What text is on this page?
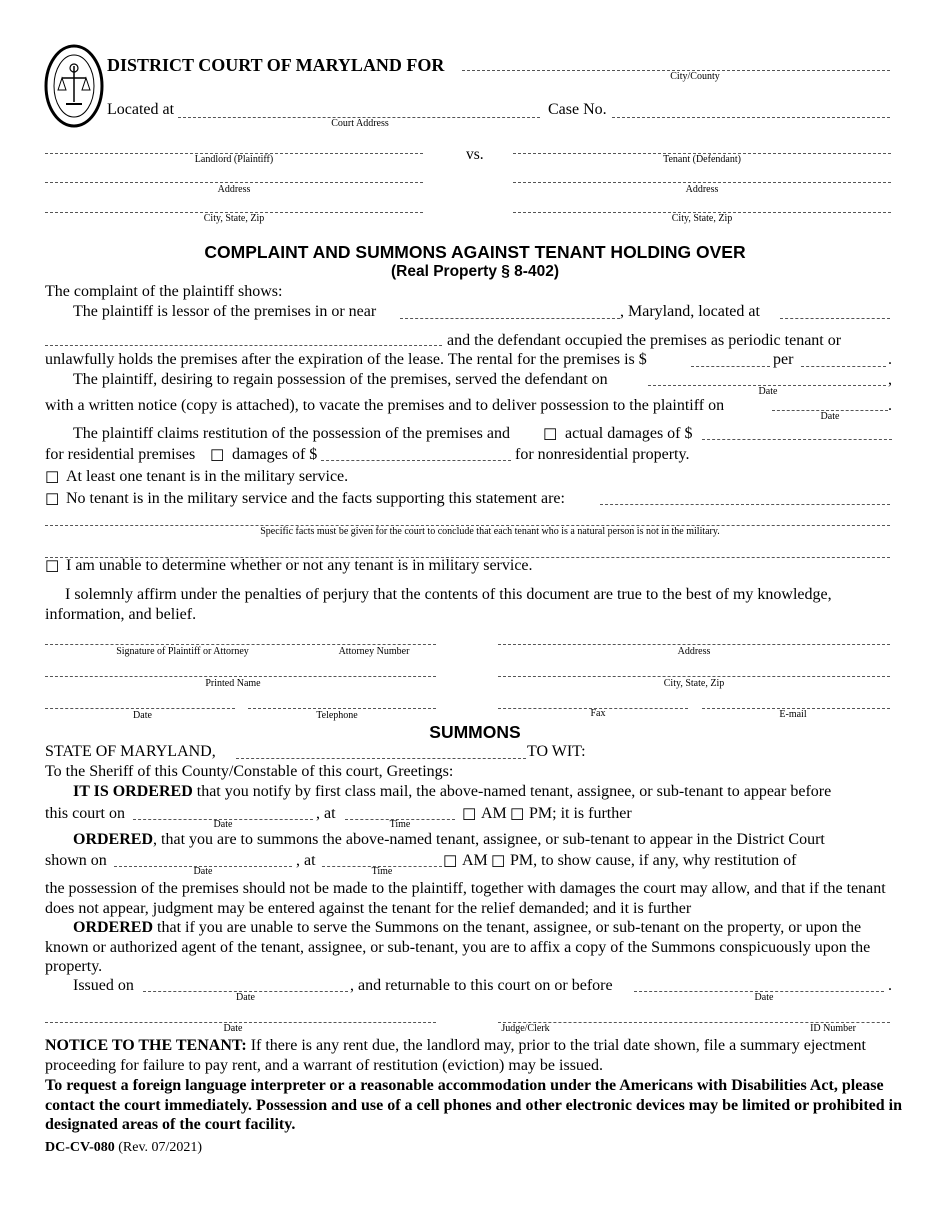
DISTRICT COURT OF MARYLAND FOR
City/County
Located at
Court Address
Case No.
Landlord (Plaintiff)	vs.	Tenant (Defendant)
Address	Address
City, State, Zip	City, State, Zip
COMPLAINT AND SUMMONS AGAINST TENANT HOLDING OVER
(Real Property § 8-402)
The complaint of the plaintiff shows:
The plaintiff is lessor of the premises in or near	, Maryland, located at
and the defendant occupied the premises as periodic tenant or
unlawfully holds the premises after the expiration of the lease. The rental for the premises is $	per	.
The plaintiff, desiring to regain possession of the premises, served the defendant on
Date
,
with a written notice (copy is attached), to vacate the premises and to deliver possession to the plaintiff on
Date
.
The plaintiff claims restitution of the possession of the premises and ☐ actual damages of $
for residential premises ☐ damages of $	for nonresidential property.
☐ At least one tenant is in the military service.
☐ No tenant is in the military service and the facts supporting this statement are:
Specific facts must be given for the court to conclude that each tenant who is a natural person is not in the military.
☐ I am unable to determine whether or not any tenant is in military service.
I solemnly affirm under the penalties of perjury that the contents of this document are true to the best of my knowledge, information, and belief.
Signature of Plaintiff or Attorney	Attorney Number	Address
Printed Name	City, State, Zip
Date	Telephone	Fax	E-mail
SUMMONS
STATE OF MARYLAND,	TO WIT:
To the Sheriff of this County/Constable of this court, Greetings:
IT IS ORDERED that you notify by first class mail, the above-named tenant, assignee, or sub-tenant to appear before
this court on
Date
, at
Time
☐ AM ☐ PM; it is further
ORDERED, that you are to summons the above-named tenant, assignee, or sub-tenant to appear in the District Court
shown on
Date
, at
Time
☐ AM ☐ PM, to show cause, if any, why restitution of
the possession of the premises should not be made to the plaintiff, together with damages the court may allow, and that if the tenant does not appear, judgment may be entered against the tenant for the relief demanded; and it is further
ORDERED that if you are unable to serve the Summons on the tenant, assignee, or sub-tenant on the property, or upon the known or authorized agent of the tenant, assignee, or sub-tenant, you are to affix a copy of the Summons conspicuously upon the property.
Issued on
Date
, and returnable to this court on or before
Date
.
Date	Judge/Clerk	ID Number
NOTICE TO THE TENANT: If there is any rent due, the landlord may, prior to the trial date shown, file a summary ejectment proceeding for failure to pay rent, and a warrant of restitution (eviction) may be issued.
To request a foreign language interpreter or a reasonable accommodation under the Americans with Disabilities Act, please contact the court immediately. Possession and use of a cell phones and other electronic devices may be limited or prohibited in designated areas of the court facility.
DC-CV-080 (Rev. 07/2021)
